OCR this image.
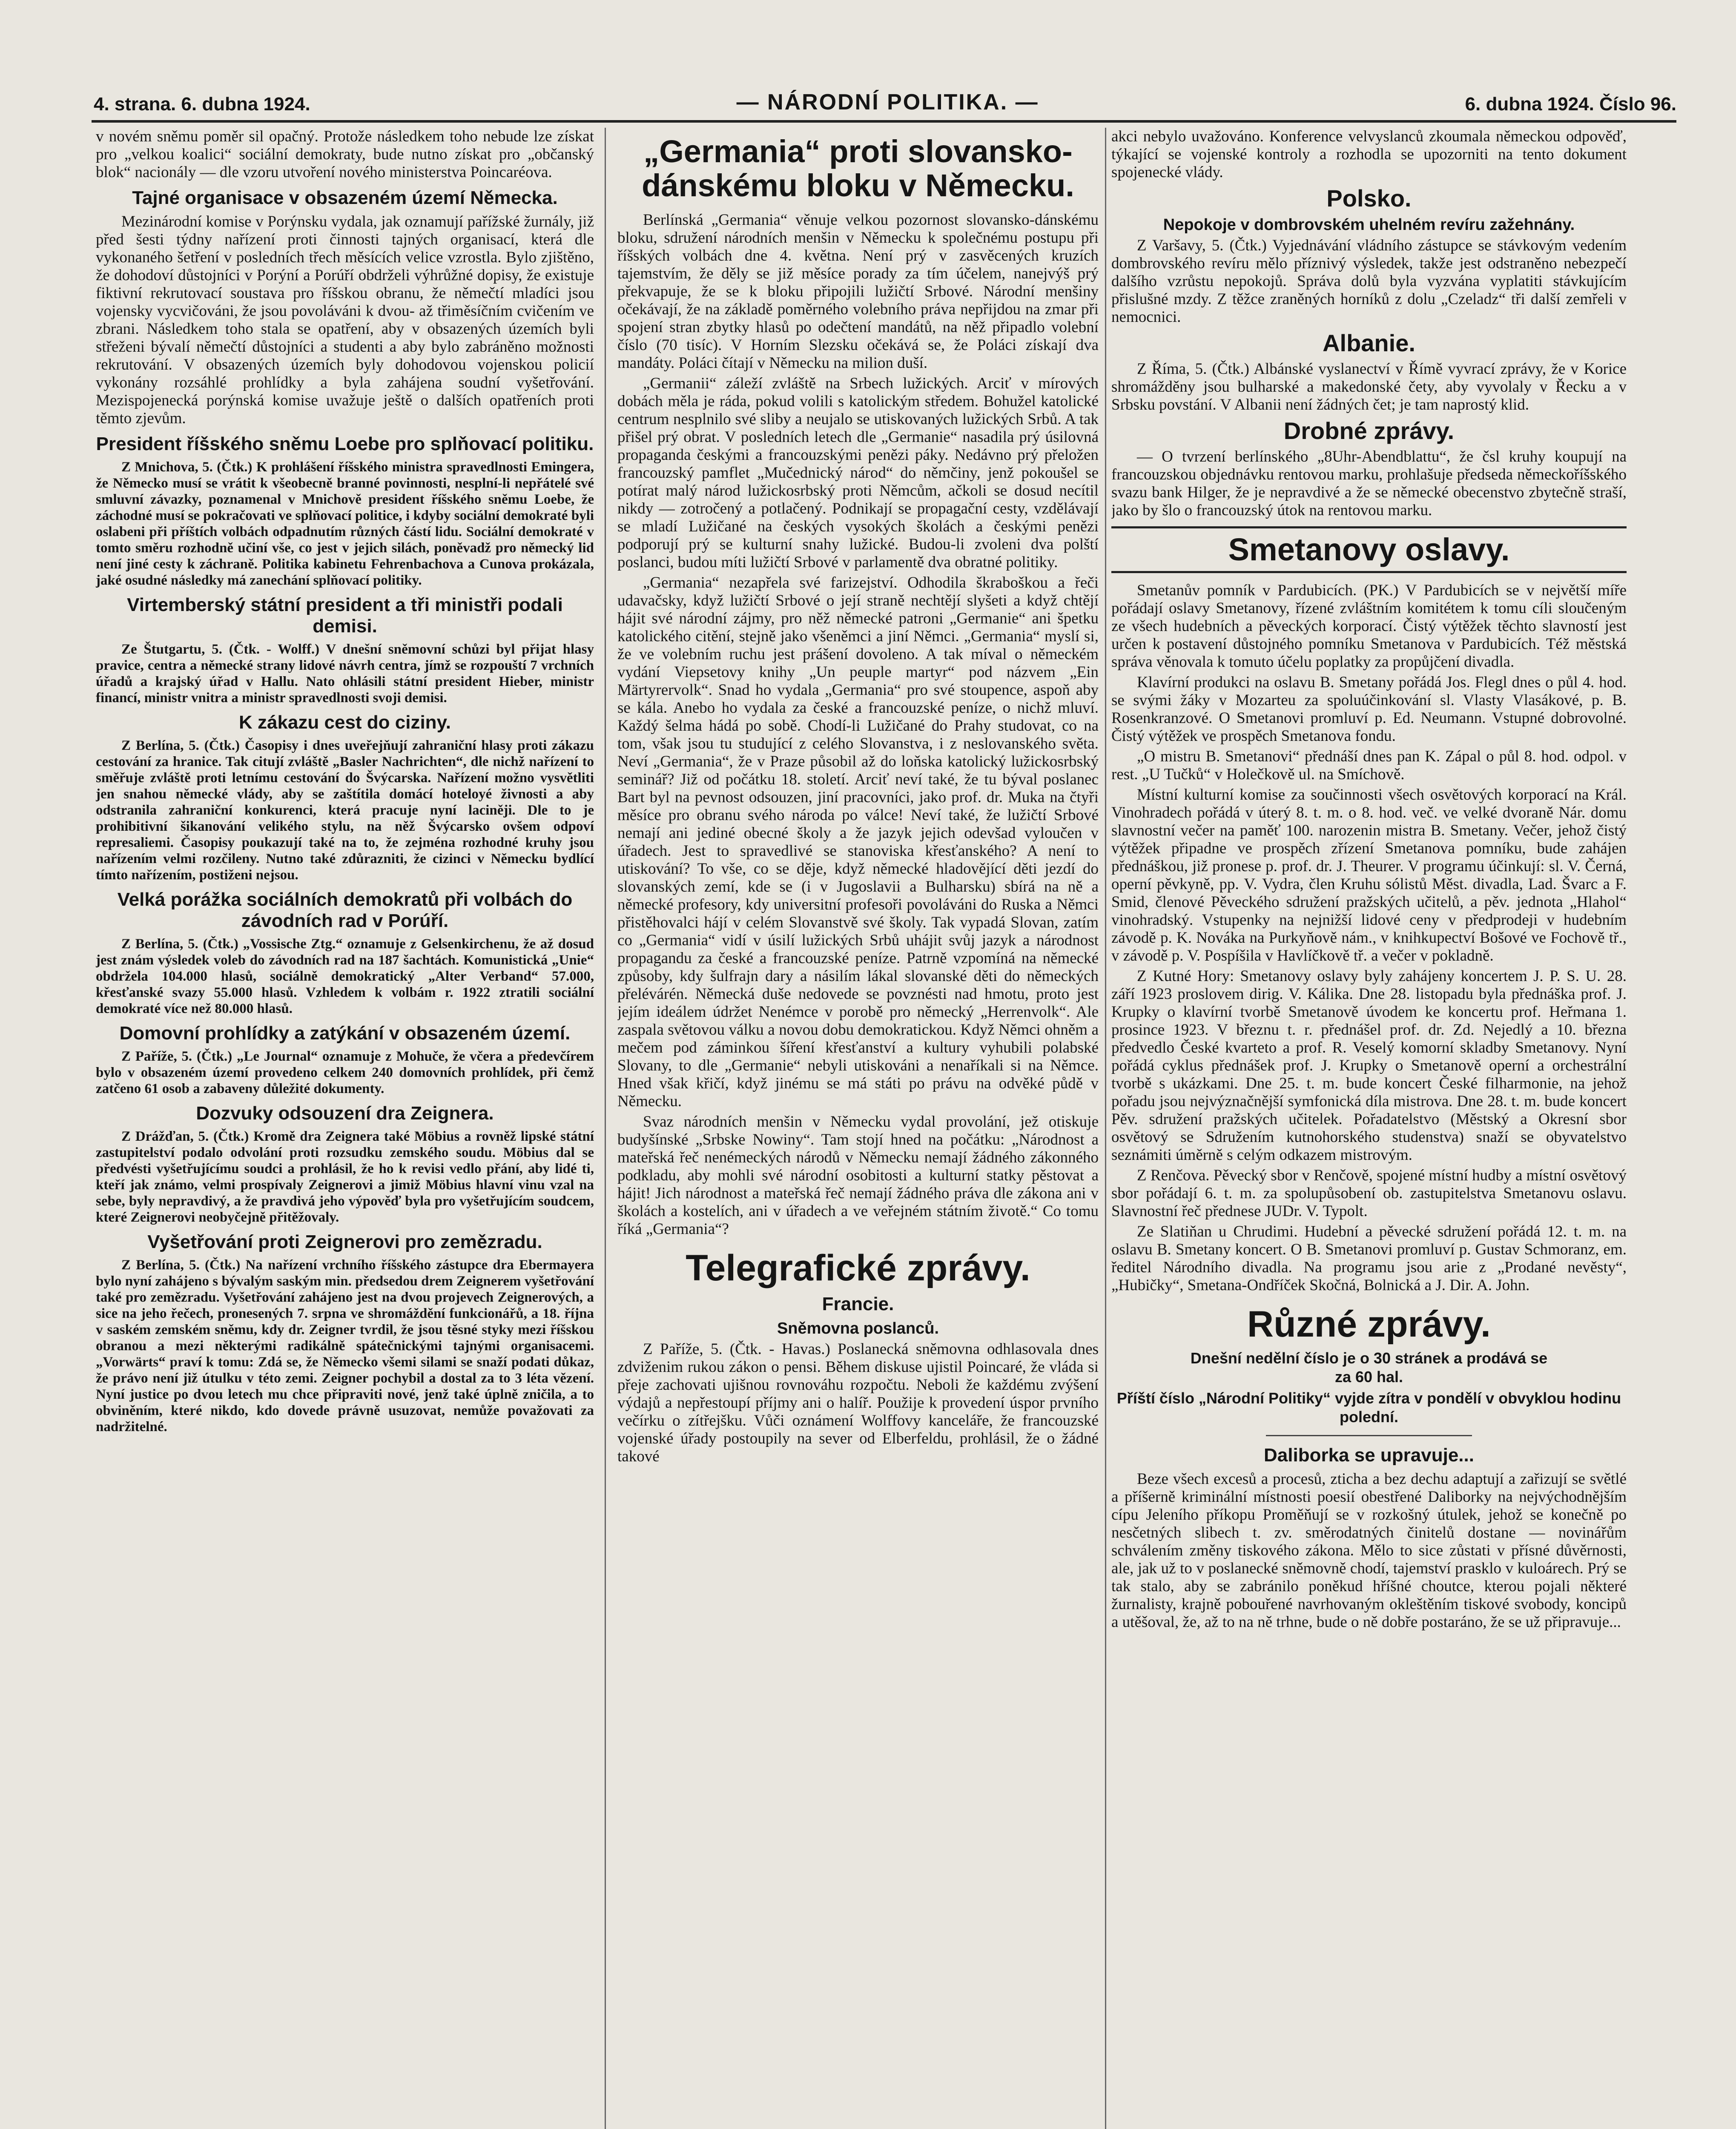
4. strana. 6. dubna 1924.	— NÁRODNÍ POLITIKA. —	6. dubna 1924. Číslo 96.

v novém sněmu poměr sil opačný. Protože následkem toho nebude lze získat pro „velkou koalici“ sociální demokraty, bude nutno získat pro „občanský blok“ nacionály — dle vzoru utvoření nového ministerstva Poincaréova.

Tajné organisace v obsazeném území Německa.

Mezinárodní komise v Porýnsku vydala, jak oznamují pařížské žurnály, již před šesti týdny nařízení proti činnosti tajných organisací, která dle vykonaného šetření v posledních třech měsících velice vzrostla. Bylo zjištěno, že dohodoví důstojníci v Porýní a Porúří obdrželi výhrůžné dopisy, že existuje fiktivní rekrutovací soustava pro říšskou obranu, že němečtí mladíci jsou vojensky vycvičováni, že jsou povoláváni k dvou- až třiměsíčním cvičením ve zbrani. Následkem toho stala se opatření, aby v obsazených územích byli střeženi bývalí němečtí důstojníci a studenti a aby bylo zabráněno možnosti rekrutování. V obsazených územích byly dohodovou vojenskou policií vykonány rozsáhlé prohlídky a byla zahájena soudní vyšetřování. Mezispojenecká porýnská komise uvažuje ještě o dalších opatřeních proti těmto zjevům.

President říšského sněmu Loebe pro splňovací politiku.

Z Mnichova, 5. (Čtk.) K prohlášení říšského ministra spravedlnosti Emingera, že Německo musí se vrátit k všeobecně branné povinnosti, nesplní-li nepřátelé své smluvní závazky, poznamenal v Mnichově president říšského sněmu Loebe, že záchodné musí se pokračovati ve splňovací politice, i kdyby sociální demokraté byli oslabeni při příštích volbách odpadnutím různých částí lidu. Sociální demokraté v tomto směru rozhodně učiní vše, co jest v jejich silách, poněvadž pro německý lid není jiné cesty k záchraně. Politika kabinetu Fehrenbachova a Cunova prokázala, jaké osudné následky má zanechání splňovací politiky.

Virtemberský státní president a tři ministři podali demisi.

Ze Štutgartu, 5. (Čtk. - Wolff.) V dnešní sněmovní schůzi byl přijat hlasy pravice, centra a německé strany lidové návrh centra, jímž se rozpouští 7 vrchních úřadů a krajský úřad v Hallu. Nato ohlásili státní president Hieber, ministr financí, ministr vnitra a ministr spravedlnosti svoji demisi.

K zákazu cest do ciziny.

Z Berlína, 5. (Čtk.) Časopisy i dnes uveřejňují zahraniční hlasy proti zákazu cestování za hranice. Tak citují zvláště „Basler Nachrichten“, dle nichž nařízení to směřuje zvláště proti letnímu cestování do Švýcarska. Nařízení možno vysvětliti jen snahou německé vlády, aby se zaštítila domácí hoteloyé živnosti a aby odstranila zahraniční konkurenci, která pracuje nyní laciněji. Dle to je prohibitivní šikanování velikého stylu, na něž Švýcarsko ovšem odpoví represaliemi. Časopisy poukazují také na to, že zejména rozhodné kruhy jsou nařízením velmi rozčileny. Nutno také zdůrazniti, že cizinci v Německu bydlící tímto nařízením, postiženi nejsou.

Velká porážka sociálních demokratů při volbách do závodních rad v Porúří.

Z Berlína, 5. (Čtk.) „Vossische Ztg.“ oznamuje z Gelsenkirchenu, že až dosud jest znám výsledek voleb do závodních rad na 187 šachtách. Komunistická „Unie“ obdržela 104.000 hlasů, sociálně demokratický „Alter Verband“ 57.000, křesťanské svazy 55.000 hlasů. Vzhledem k volbám r. 1922 ztratili sociální demokraté více než 80.000 hlasů.

Domovní prohlídky a zatýkání v obsazeném území.

Z Paříže, 5. (Čtk.) „Le Journal“ oznamuje z Mohuče, že včera a předevčírem bylo v obsazeném území provedeno celkem 240 domovních prohlídek, při čemž zatčeno 61 osob a zabaveny důležité dokumenty.

Dozvuky odsouzení dra Zeignera.

Z Drážďan, 5. (Čtk.) Kromě dra Zeignera také Möbius a rovněž lipské státní zastupitelství podalo odvolání proti rozsudku zemského soudu. Möbius dal se předvésti vyšetřujícímu soudci a prohlásil, že ho k revisi vedlo přání, aby lidé ti, kteří jak známo, velmi prospívaly Zeignerovi a jimiž Möbius hlavní vinu vzal na sebe, byly nepravdivý, a že pravdivá jeho výpověď byla pro vyšetřujícím soudcem, které Zeignerovi neobyčejně přitěžovaly.

Vyšetřování proti Zeignerovi pro zemězradu.

Z Berlína, 5. (Čtk.) Na nařízení vrchního říšského zástupce dra Ebermayera bylo nyní zahájeno s bývalým saským min. předsedou drem Zeignerem vyšetřování také pro zemězradu. Vyšetřování zahájeno jest na dvou projevech Zeignerových, a sice na jeho řečech, pronesených 7. srpna ve shromáždění funkcionářů, a 18. října v saském zemském sněmu, kdy dr. Zeigner tvrdil, že jsou těsné styky mezi říšskou obranou a mezi některými radikálně spátečnickými tajnými organisacemi. „Vorwärts“ praví k tomu: Zdá se, že Německo všemi silami se snaží podati důkaz, že právo není již útulku v této zemi. Zeigner pochybil a dostal za to 3 léta vězení. Nyní justice po dvou letech mu chce připraviti nové, jenž také úplně zničila, a to obviněním, které nikdo, kdo dovede právně usuzovat, nemůže považovati za nadržitelné.

„Germania“ proti slovansko-dánskému bloku v Německu.

Berlínská „Germania“ věnuje velkou pozornost slovansko-dánskému bloku, sdružení národních menšin v Německu k společnému postupu při říšských volbách dne 4. května. Není prý v zasvěcených kruzích tajemstvím, že děly se již měsíce porady za tím účelem, nanejvýš prý překvapuje, že se k bloku připojili lužičtí Srbové. Národní menšiny očekávají, že na základě poměrného volebního práva nepřijdou na zmar při spojení stran zbytky hlasů po odečtení mandátů, na něž připadlo volební číslo (70 tisíc). V Horním Slezsku očekává se, že Poláci získají dva mandáty. Poláci čítají v Německu na milion duší.

„Germanii“ záleží zvláště na Srbech lužických. Arciť v mírových dobách měla je ráda, pokud volili s katolickým středem. Bohužel katolické centrum nesplnilo své sliby a neujalo se utiskovaných lužických Srbů. A tak přišel prý obrat. V posledních letech dle „Germanie“ nasadila prý úsilovná propaganda českými a francouzskými penězi páky. Nedávno prý přeložen francouzský pamflet „Mučednický národ“ do němčiny, jenž pokoušel se potírat malý národ lužickosrbský proti Němcům, ačkoli se dosud necítil nikdy — zotročený a potlačený. Podnikají se propagační cesty, vzdělávají se mladí Lužičané na českých vysokých školách a českými penězi podporují prý se kulturní snahy lužické. Budou-li zvoleni dva polští poslanci, budou míti lužičtí Srbové v parlamentě dva obratné politiky.

„Germania“ nezapřela své farizejství. Odhodila škraboškou a řeči udavačsky, když lužičtí Srbové o její straně nechtějí slyšeti a když chtějí hájit své národní zájmy, pro něž německé patroni „Germanie“ ani špetku katolického citění, stejně jako všeněmci a jiní Němci. „Germania“ myslí si, že ve volebním ruchu jest prášení dovoleno. A tak míval o německém vydání Viepsetovy knihy „Un peuple martyr“ pod názvem „Ein Märtyrervolk“. Snad ho vydala „Germania“ pro své stoupence, aspoň aby se kála. Anebo ho vydala za české a francouzské peníze, o nichž mluví. Každý šelma hádá po sobě. Chodí-li Lužičané do Prahy studovat, co na tom, však jsou tu studující z celého Slovanstva, i z neslovanského světa. Neví „Germania“, že v Praze působil až do loňska katolický lužickosrbský seminář? Již od počátku 18. století. Arciť neví také, že tu býval poslanec Bart byl na pevnost odsouzen, jiní pracovníci, jako prof. dr. Muka na čtyři měsíce pro obranu svého národa po válce! Neví také, že lužičtí Srbové nemají ani jediné obecné školy a že jazyk jejich odevšad vyloučen v úřadech. Jest to spravedlivé se stanoviska křesťanského? A není to utiskování? To vše, co se děje, když německé hladovějící děti jezdí do slovanských zemí, kde se (i v Jugoslavii a Bulharsku) sbírá na ně a německé profesory, kdy universitní profesoři povoláváni do Ruska a Němci přistěhovalci hájí v celém Slovanstvě své školy. Tak vypadá Slovan, zatím co „Germania“ vidí v úsilí lužických Srbů uhájit svůj jazyk a národnost propagandu za české a francouzské peníze. Patrně vzpomíná na německé způsoby, kdy šulfrajn dary a násilím lákal slovanské děti do německých přelévárén. Německá duše nedovede se povznésti nad hmotu, proto jest jejím ideálem údržet Nenémce v porobě pro německý „Herrenvolk“. Ale zaspala světovou válku a novou dobu demokratickou. Když Němci ohněm a mečem pod záminkou šíření křesťanství a kultury vyhubili polabské Slovany, to dle „Germanie“ nebyli utiskováni a nenaříkali si na Němce. Hned však křičí, když jinému se má státi po právu na odvěké půdě v Německu.

Svaz národních menšin v Německu vydal provolání, jež otiskuje budyšínské „Srbske Nowiny“. Tam stojí hned na počátku: „Národnost a mateřská řeč nenémeckých národů v Německu nemají žádného zákonného podkladu, aby mohli své národní osobitosti a kulturní statky pěstovat a hájit! Jich národnost a mateřská řeč nemají žádného práva dle zákona ani v školách a kostelích, ani v úřadech a ve veřejném státním životě.“ Co tomu říká „Germania“?

Telegrafické zprávy.
Francie.
Sněmovna poslanců.

Z Paříže, 5. (Čtk. - Havas.) Poslanecká sněmovna odhlasovala dnes zdviženim rukou zákon o pensi. Během diskuse ujistil Poincaré, že vláda si přeje zachovati ujišnou rovnováhu rozpočtu. Neboli že každému zvýšení výdajů a nepřestoupí příjmy ani o halíř. Použije k provedení úspor prvního večírku o zítřejšku. Vůči oznámení Wolffovy kanceláře, že francouzské vojenské úřady postoupily na sever od Elberfeldu, prohlásil, že o žádné takové

akci nebylo uvažováno. Konference velvyslanců zkoumala německou odpověď, týkající se vojenské kontroly a rozhodla se upozorniti na tento dokument spojenecké vlády.

Polsko.
Nepokoje v dombrovském uhelném revíru zažehnány.

Z Varšavy, 5. (Čtk.) Vyjednávání vládního zástupce se stávkovým vedením dombrovského revíru mělo příznivý výsledek, takže jest odstraněno nebezpečí dalšího vzrůstu nepokojů. Správa dolů byla vyzvána vyplatiti stávkujícím přislušné mzdy. Z těžce zraněných horníků z dolu „Czeladz“ tři další zemřeli v nemocnici.

Albanie.

Z Říma, 5. (Čtk.) Albánské vyslanectví v Římě vyvrací zprávy, že v Korice shromážděny jsou bulharské a makedonské čety, aby vyvolaly v Řecku a v Srbsku povstání. V Albanii není žádných čet; je tam naprostý klid.

Drobné zprávy.

— O tvrzení berlínského „8Uhr-Abendblattu“, že čsl kruhy koupují na francouzskou objednávku rentovou marku, prohlašuje předseda německoříšského svazu bank Hilger, že je nepravdivé a že se německé obecenstvo zbytečně straší, jako by šlo o francouzský útok na rentovou marku.

Smetanovy oslavy.

Smetanův pomník v Pardubicích. (PK.) V Pardubicích se v největší míře pořádají oslavy Smetanovy, řízené zvláštním komitétem k tomu cíli sloučeným ze všech hudebních a pěveckých korporací. Čistý výtěžek těchto slavností jest určen k postavení důstojného pomníku Smetanova v Pardubicích. Též městská správa věnovala k tomuto účelu poplatky za propůjčení divadla.

Klavírní produkci na oslavu B. Smetany pořádá Jos. Flegl dnes o půl 4. hod. se svými žáky v Mozarteu za spoluúčinkování sl. Vlasty Vlasákové, p. B. Rosenkranzové. O Smetanovi promluví p. Ed. Neumann. Vstupné dobrovolné. Čistý výtěžek ve prospěch Smetanova fondu.

„O mistru B. Smetanovi“ přednáší dnes pan K. Zápal o půl 8. hod. odpol. v rest. „U Tučků“ v Holečkově ul. na Smíchově.

Místní kulturní komise za součinnosti všech osvětových korporací na Král. Vinohradech pořádá v úterý 8. t. m. o 8. hod. več. ve velké dvoraně Nár. domu slavnostní večer na paměť 100. narozenin mistra B. Smetany. Večer, jehož čistý výtěžek připadne ve prospěch zřízení Smetanova pomníku, bude zahájen přednáškou, již pronese p. prof. dr. J. Theurer. V programu účinkují: sl. V. Černá, operní pěvkyně, pp. V. Vydra, člen Kruhu sólistů Měst. divadla, Lad. Švarc a F. Smid, členové Pěveckého sdružení pražských učitelů, a pěv. jednota „Hlahol“ vinohradský. Vstupenky na nejnižší lidové ceny v předprodeji v hudebním závodě p. K. Nováka na Purkyňově nám., v knihkupectví Bošové ve Fochově tř., v závodě p. V. Pospíšila v Havlíčkově tř. a večer v pokladně.

Z Kutné Hory: Smetanovy oslavy byly zahájeny koncertem J. P. S. U. 28. září 1923 proslovem dirig. V. Kálika. Dne 28. listopadu byla přednáška prof. J. Krupky o klavírní tvorbě Smetanově úvodem ke koncertu prof. Heřmana 1. prosince 1923. V březnu t. r. přednášel prof. dr. Zd. Nejedlý a 10. března předvedlo České kvarteto a prof. R. Veselý komorní skladby Smetanovy. Nyní pořádá cyklus přednášek prof. J. Krupky o Smetanově operní a orchestrální tvorbě s ukázkami. Dne 25. t. m. bude koncert České filharmonie, na jehož pořadu jsou nejvýznačnější symfonická díla mistrova. Dne 28. t. m. bude koncert Pěv. sdružení pražských učitelek. Pořadatelstvo (Městský a Okresní sbor osvětový se Sdružením kutnohorského studenstva) snaží se obyvatelstvo seznámiti úměrně s celým odkazem mistrovým.

Z Renčova. Pěvecký sbor v Renčově, spojené místní hudby a místní osvětový sbor pořádají 6. t. m. za spolupůsobení ob. zastupitelstva Smetanovu oslavu. Slavnostní řeč přednese JUDr. V. Typolt.

Ze Slatiňan u Chrudimi. Hudební a pěvecké sdružení pořádá 12. t. m. na oslavu B. Smetany koncert. O B. Smetanovi promluví p. Gustav Schmoranz, em. ředitel Národního divadla. Na programu jsou arie z „Prodané nevěsty“, „Hubičky“, Smetana-Ondříček Skočná, Bolnická a J. Dir. A. John.

Různé zprávy.
Dnešní nedělní číslo je o 30 stránek a prodává se
za 60 hal.
Příští číslo „Národní Politiky“ vyjde zítra v pondělí v obvyklou hodinu polední.
Daliborka se upravuje...

Beze všech excesů a procesů, zticha a bez dechu adaptují a zařizují se světlé a příšerně kriminální místnosti poesií obestřené Daliborky na nejvýchodnějším cípu Jeleního příkopu Proměňují se v rozkošný útulek, jehož se konečně po nesčetných slibech t. zv. směrodatných činitelů dostane — novinářům schválením změny tiskového zákona. Mělo to sice zůstati v přísné důvěrnosti, ale, jak už to v poslanecké sněmovně chodí, tajemství prasklo v kuloárech. Prý se tak stalo, aby se zabránilo poněkud hříšné choutce, kterou pojali některé žurnalisty, krajně pobouřené navrhovaným okleštěním tiskové svobody, koncipů a utěšoval, že, až to na ně trhne, bude o ně dobře postaráno, že se už připravuje...
